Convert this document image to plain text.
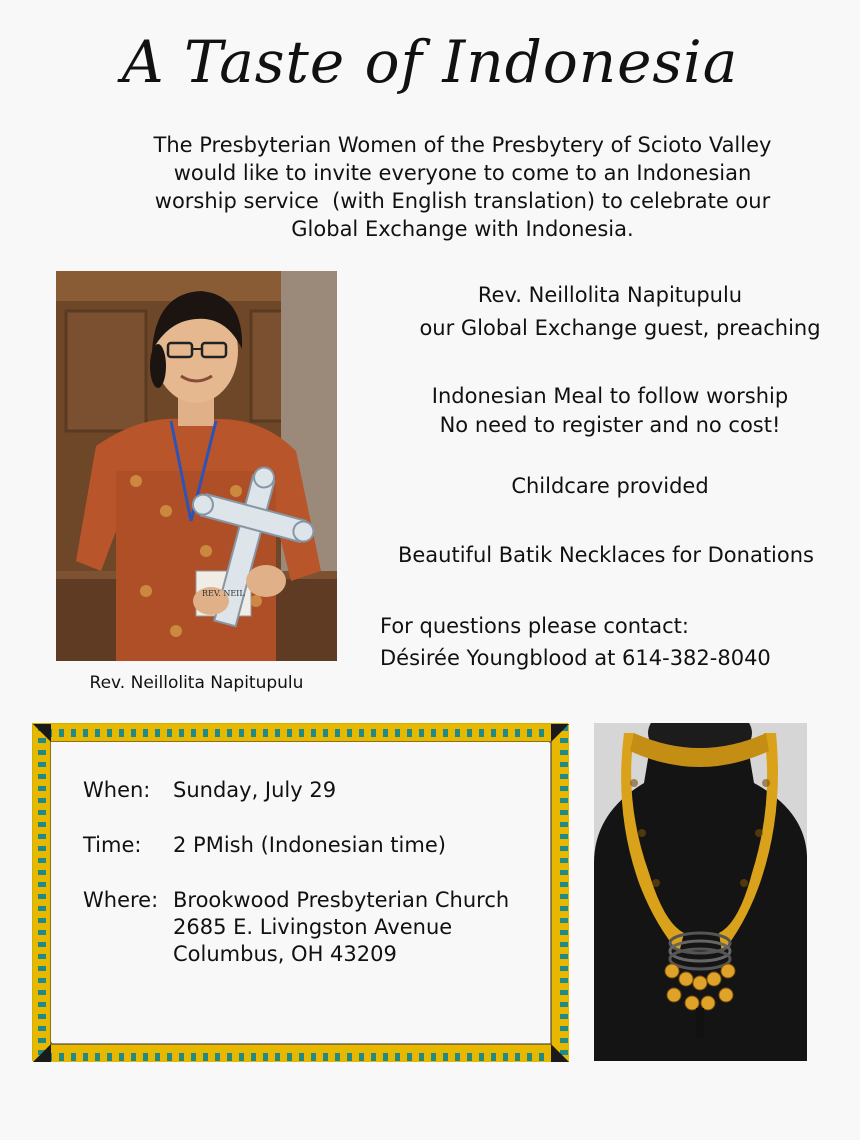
A Taste of Indonesia
The Presbyterian Women of the Presbytery of Scioto Valley
would like to invite everyone to come to an Indonesian
worship service  (with English translation) to celebrate our
Global Exchange with Indonesia.
REV. NEIL
Rev. Neillolita Napitupulu
Rev. Neillolita Napitupulu
our Global Exchange guest, preaching
Indonesian Meal to follow worship
No need to register and no cost!
Childcare provided
Beautiful Batik Necklaces for Donations
For questions please contact:
Désirée Youngblood at 614-382-8040
When: Sunday, July 29
Time: 2 PMish (Indonesian time)
Where: Brookwood Presbyterian Church
2685 E. Livingston Avenue
Columbus, OH 43209
